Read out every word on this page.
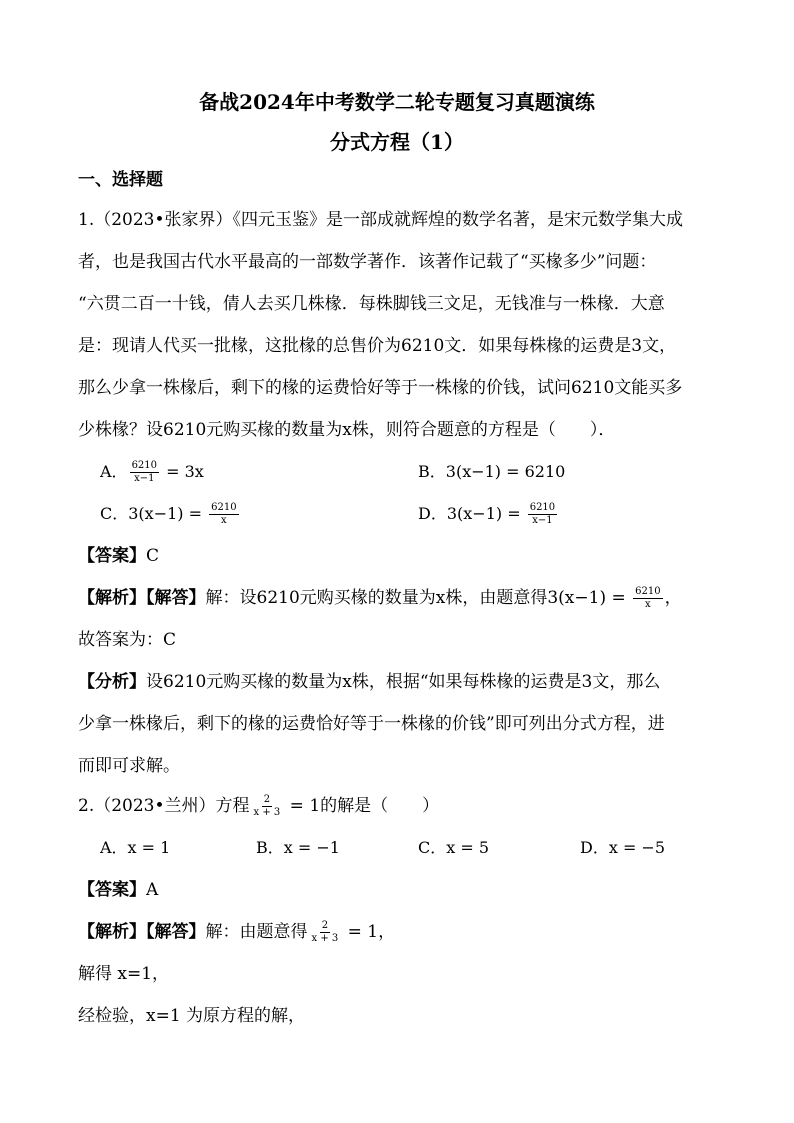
备战2024年中考数学二轮专题复习真题演练
分式方程（1）
一、选择题
1.（2023•张家界）《四元玉鉴》是一部成就辉煌的数学名著，是宋元数学集大成
者，也是我国古代水平最高的一部数学著作．该著作记载了“买椽多少”问题：
“六贯二百一十钱，倩人去买几株椽．每株脚钱三文足，无钱准与一株椽．大意
是：现请人代买一批椽，这批椽的总售价为6210文．如果每株椽的运费是3文，
那么少拿一株椽后，剩下的椽的运费恰好等于一株椽的价钱，试问6210文能买多
少株椽？设6210元购买椽的数量为x株，则符合题意的方程是（　　）．
A． $\frac{6210}{x-1} = 3x$	B．3(x−1) = 6210
C．$3(x-1) = \frac{6210}{x}$	D．$3(x-1) = \frac{6210}{x-1}$
【答案】C
【解析】【解答】解：设6210元购买椽的数量为x株，由题意得$3(x-1) = \frac{6210}{x}$ ，
故答案为：C
【分析】设6210元购买椽的数量为x株，根据“如果每株椽的运费是3文，那么
少拿一株椽后，剩下的椽的运费恰好等于一株椽的价钱”即可列出分式方程，进
而即可求解。
2.（2023•兰州）方程 $\frac{2}{x + 3} = 1$的解是（　　）
A．x = 1	B．x = −1	C．x = 5	D．x = −5
【答案】A
【解析】【解答】解：由题意得 $\frac{2}{x + 3} = 1$，
解得 x=1，
经检验，x=1 为原方程的解，
